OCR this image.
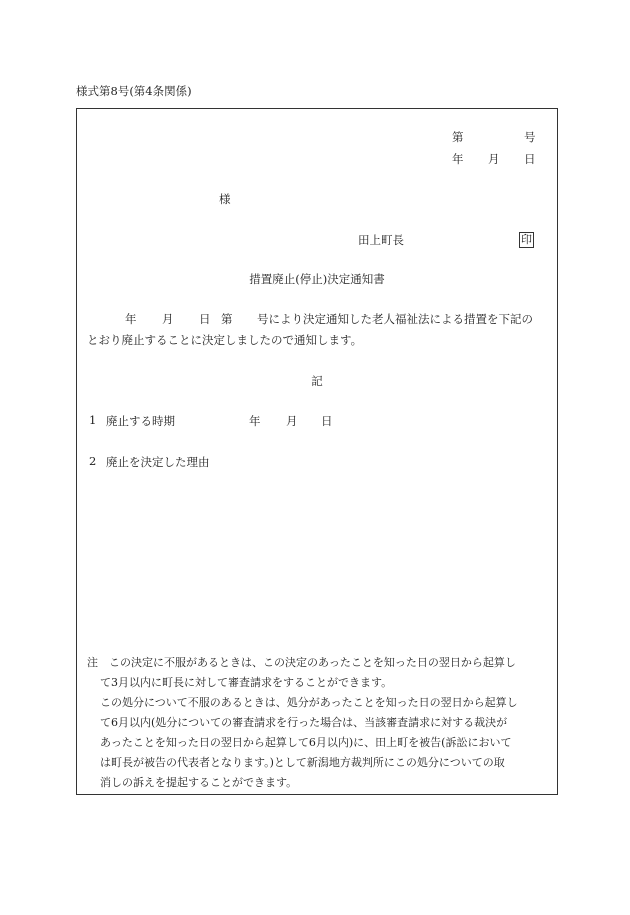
様式第8号(第4条関係)
第	号
年 月 日
様
田上町長	印
措置廃止(停止)決定通知書
年 月 日 第 号により決定通知した老人福祉法による措置を下記の
とおり廃止することに決定しましたので通知します。
記
1 廃止する時期	年 月 日
2 廃止を決定した理由
注　この決定に不服があるときは、この決定のあったことを知った日の翌日から起算し
て3月以内に町長に対して審査請求をすることができます。
この処分について不服のあるときは、処分があったことを知った日の翌日から起算し
て6月以内(処分についての審査請求を行った場合は、当該審査請求に対する裁決が
あったことを知った日の翌日から起算して6月以内)に、田上町を被告(訴訟において
は町長が被告の代表者となります。)として新潟地方裁判所にこの処分についての取
消しの訴えを提起することができます。
